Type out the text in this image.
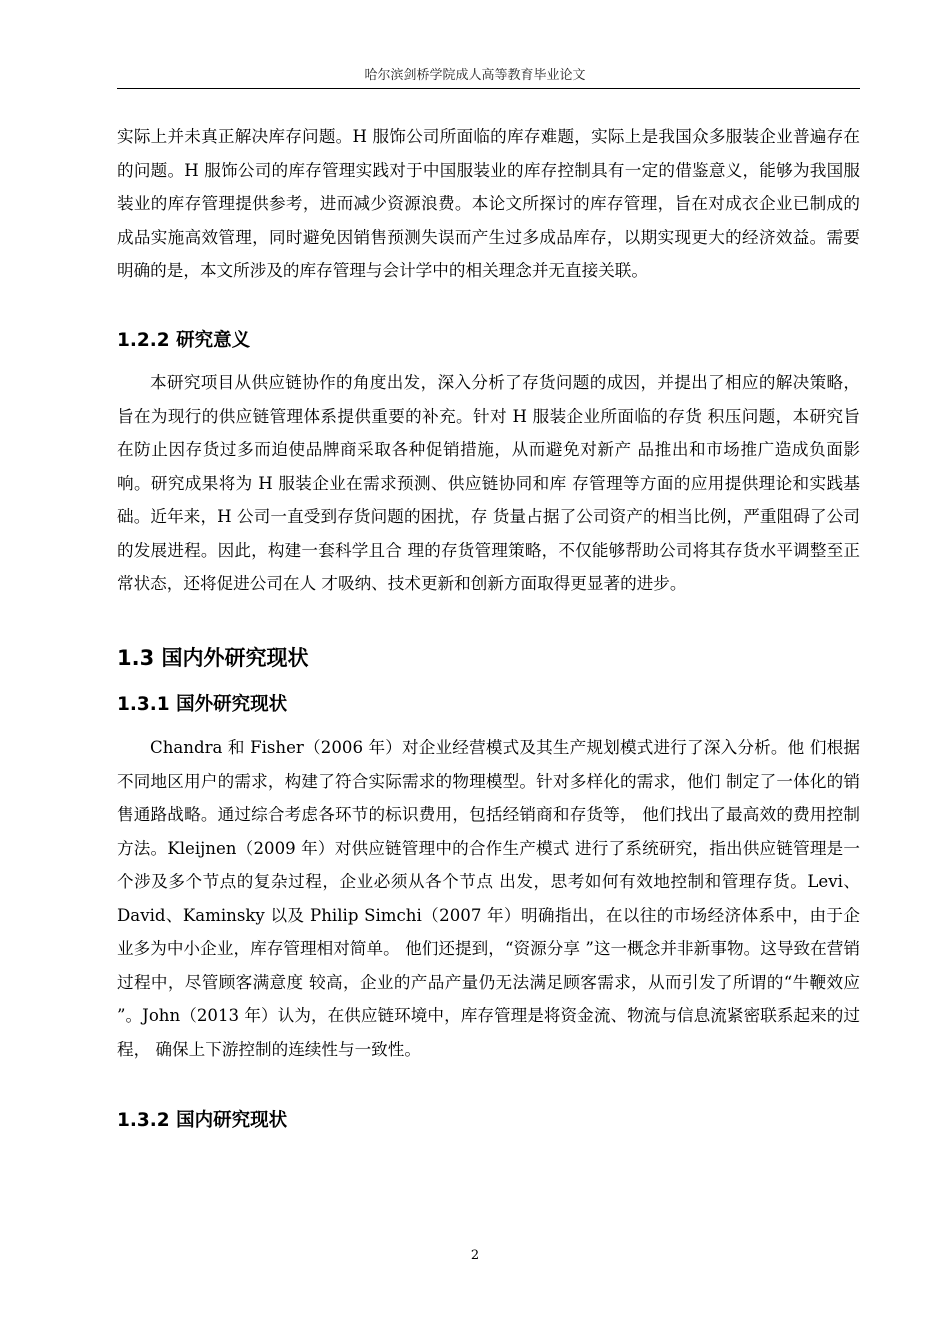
哈尔滨剑桥学院成人高等教育毕业论文

实际上并未真正解决库存问题。H 服饰公司所面临的库存难题，实际上是我国众多服装企业普遍存在的问题。H 服饰公司的库存管理实践对于中国服装业的库存控制具有一定的借鉴意义，能够为我国服装业的库存管理提供参考，进而减少资源浪费。本论文所探讨的库存管理，旨在对成衣企业已制成的成品实施高效管理，同时避免因销售预测失误而产生过多成品库存，以期实现更大的经济效益。需要明确的是，本文所涉及的库存管理与会计学中的相关理念并无直接关联。

1.2.2 研究意义

本研究项目从供应链协作的角度出发，深入分析了存货问题的成因，并提出了相应的解决策略，旨在为现行的供应链管理体系提供重要的补充。针对 H 服装企业所面临的存货 积压问题，本研究旨在防止因存货过多而迫使品牌商采取各种促销措施，从而避免对新产 品推出和市场推广造成负面影响。研究成果将为 H 服装企业在需求预测、供应链协同和库 存管理等方面的应用提供理论和实践基础。近年来，H 公司一直受到存货问题的困扰，存 货量占据了公司资产的相当比例，严重阻碍了公司的发展进程。因此，构建一套科学且合 理的存货管理策略，不仅能够帮助公司将其存货水平调整至正常状态，还将促进公司在人 才吸纳、技术更新和创新方面取得更显著的进步。

1.3 国内外研究现状
1.3.1 国外研究现状

Chandra 和 Fisher（2006 年）对企业经营模式及其生产规划模式进行了深入分析。他 们根据不同地区用户的需求，构建了符合实际需求的物理模型。针对多样化的需求，他们 制定了一体化的销售通路战略。通过综合考虑各环节的标识费用，包括经销商和存货等， 他们找出了最高效的费用控制方法。Kleijnen（2009 年）对供应链管理中的合作生产模式 进行了系统研究，指出供应链管理是一个涉及多个节点的复杂过程，企业必须从各个节点 出发，思考如何有效地控制和管理存货。Levi、David、Kaminsky 以及 Philip Simchi（2007 年）明确指出，在以往的市场经济体系中，由于企业多为中小企业，库存管理相对简单。 他们还提到，“资源分享 ”这一概念并非新事物。这导致在营销过程中，尽管顾客满意度 较高，企业的产品产量仍无法满足顾客需求，从而引发了所谓的“牛鞭效应 ”。John（2013 年）认为，在供应链环境中，库存管理是将资金流、物流与信息流紧密联系起来的过程， 确保上下游控制的连续性与一致性。

1.3.2 国内研究现状
2
